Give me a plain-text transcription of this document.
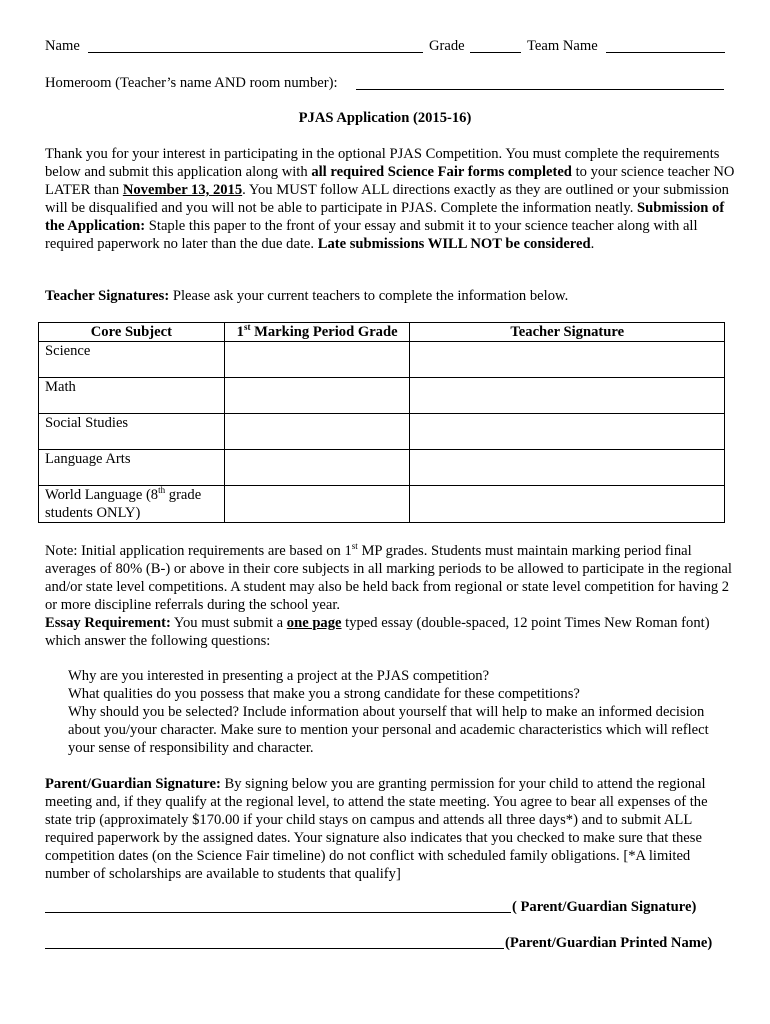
Name	Grade	Team Name
Homeroom (Teacher’s name AND room number):
PJAS Application (2015-16)
Thank you for your interest in participating in the optional PJAS Competition. You must complete the requirements below and submit this application along with all required Science Fair forms completed to your science teacher NO LATER than November 13, 2015. You MUST follow ALL directions exactly as they are outlined or your submission will be disqualified and you will not be able to participate in PJAS. Complete the information neatly. Submission of the Application: Staple this paper to the front of your essay and submit it to your science teacher along with all required paperwork no later than the due date. Late submissions WILL NOT be considered.
Teacher Signatures: Please ask your current teachers to complete the information below.
Core Subject	1st Marking Period Grade	Teacher Signature
Science		
Math		
Social Studies		
Language Arts		
World Language (8th grade students ONLY)		
Note: Initial application requirements are based on 1st MP grades. Students must maintain marking period final averages of 80% (B-) or above in their core subjects in all marking periods to be allowed to participate in the regional and/or state level competitions. A student may also be held back from regional or state level competition for having 2 or more discipline referrals during the school year.
Essay Requirement: You must submit a one page typed essay (double-spaced, 12 point Times New Roman font) which answer the following questions:
Why are you interested in presenting a project at the PJAS competition?
What qualities do you possess that make you a strong candidate for these competitions?
Why should you be selected? Include information about yourself that will help to make an informed decision about you/your character. Make sure to mention your personal and academic characteristics which will reflect your sense of responsibility and character.
Parent/Guardian Signature: By signing below you are granting permission for your child to attend the regional meeting and, if they qualify at the regional level, to attend the state meeting. You agree to bear all expenses of the state trip (approximately $170.00 if your child stays on campus and attends all three days*) and to submit ALL required paperwork by the assigned dates. Your signature also indicates that you checked to make sure that these competition dates (on the Science Fair timeline) do not conflict with scheduled family obligations. [*A limited number of scholarships are available to students that qualify]
( Parent/Guardian Signature)
(Parent/Guardian Printed Name)
